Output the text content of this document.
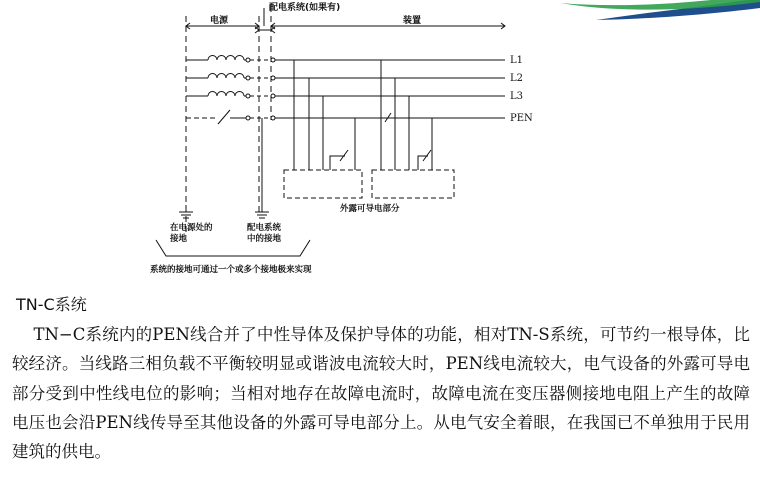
配电系统(如果有)
电源	装置
L1
L2
L3
PEN
外露可导电部分
在电源处的
接地
配电系统
中的接地
系统的接地可通过一个或多个接地极来实现
TN-C系统

TN−C系统内的PEN线合并了中性导体及保护导体的功能，相对TN-S系统，可节约一根导体，比较经济。当线路三相负载不平衡较明显或谐波电流较大时，PEN线电流较大，电气设备的外露可导电部分受到中性线电位的影响；当相对地存在故障电流时，故障电流在变压器侧接地电阻上产生的故障电压也会沿PEN线传导至其他设备的外露可导电部分上。从电气安全着眼，在我国已不单独用于民用建筑的供电。
